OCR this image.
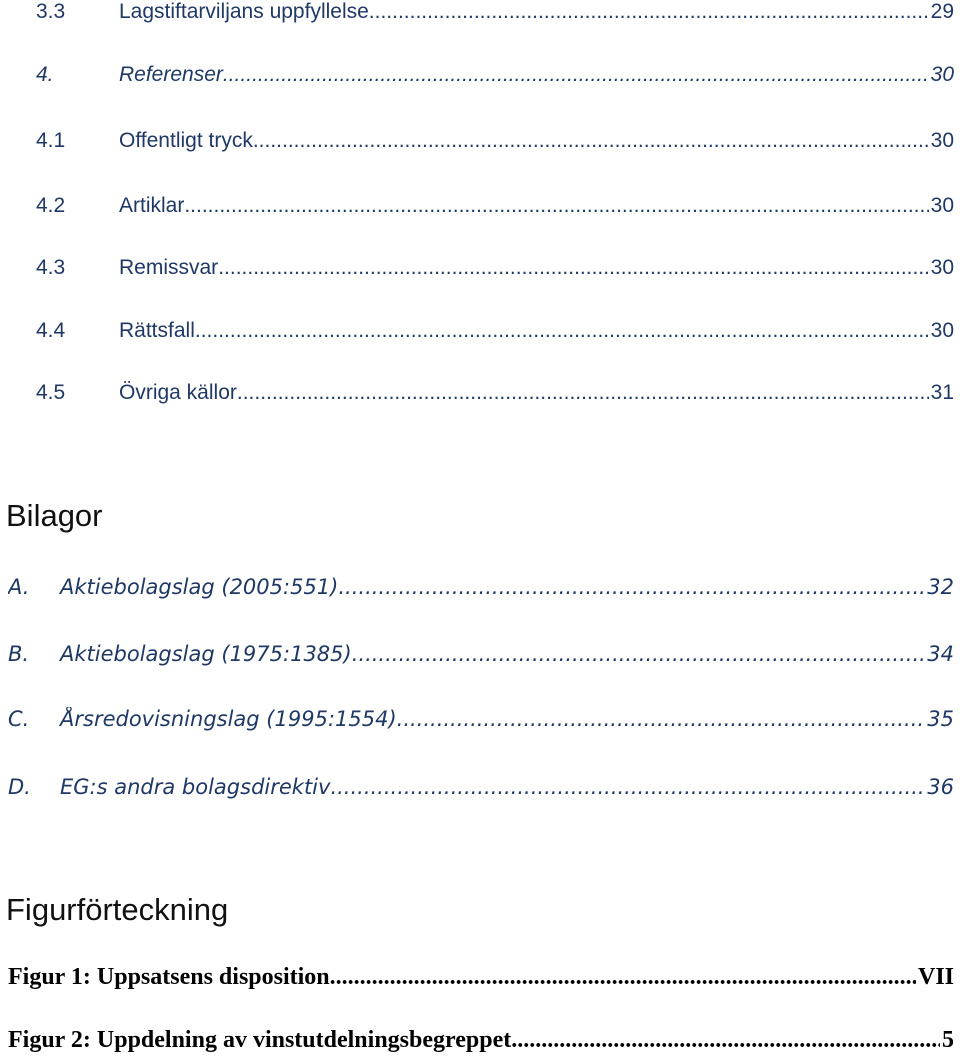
3.3	Lagstiftarviljans uppfyllelse .....	29
4.	Referenser .....	30
4.1	Offentligt tryck .....	30
4.2	Artiklar .....	30
4.3	Remissvar .....	30
4.4	Rättsfall .....	30
4.5	Övriga källor .....	31
Bilagor
A.	Aktiebolagslag (2005:551) .....	32
B.	Aktiebolagslag (1975:1385) .....	34
C.	Årsredovisningslag (1995:1554) .....	35
D.	EG:s andra bolagsdirektiv .....	36
Figurförteckning
Figur 1: Uppsatsens disposition .....	VII
Figur 2: Uppdelning av vinstutdelningsbegreppet .....	5
